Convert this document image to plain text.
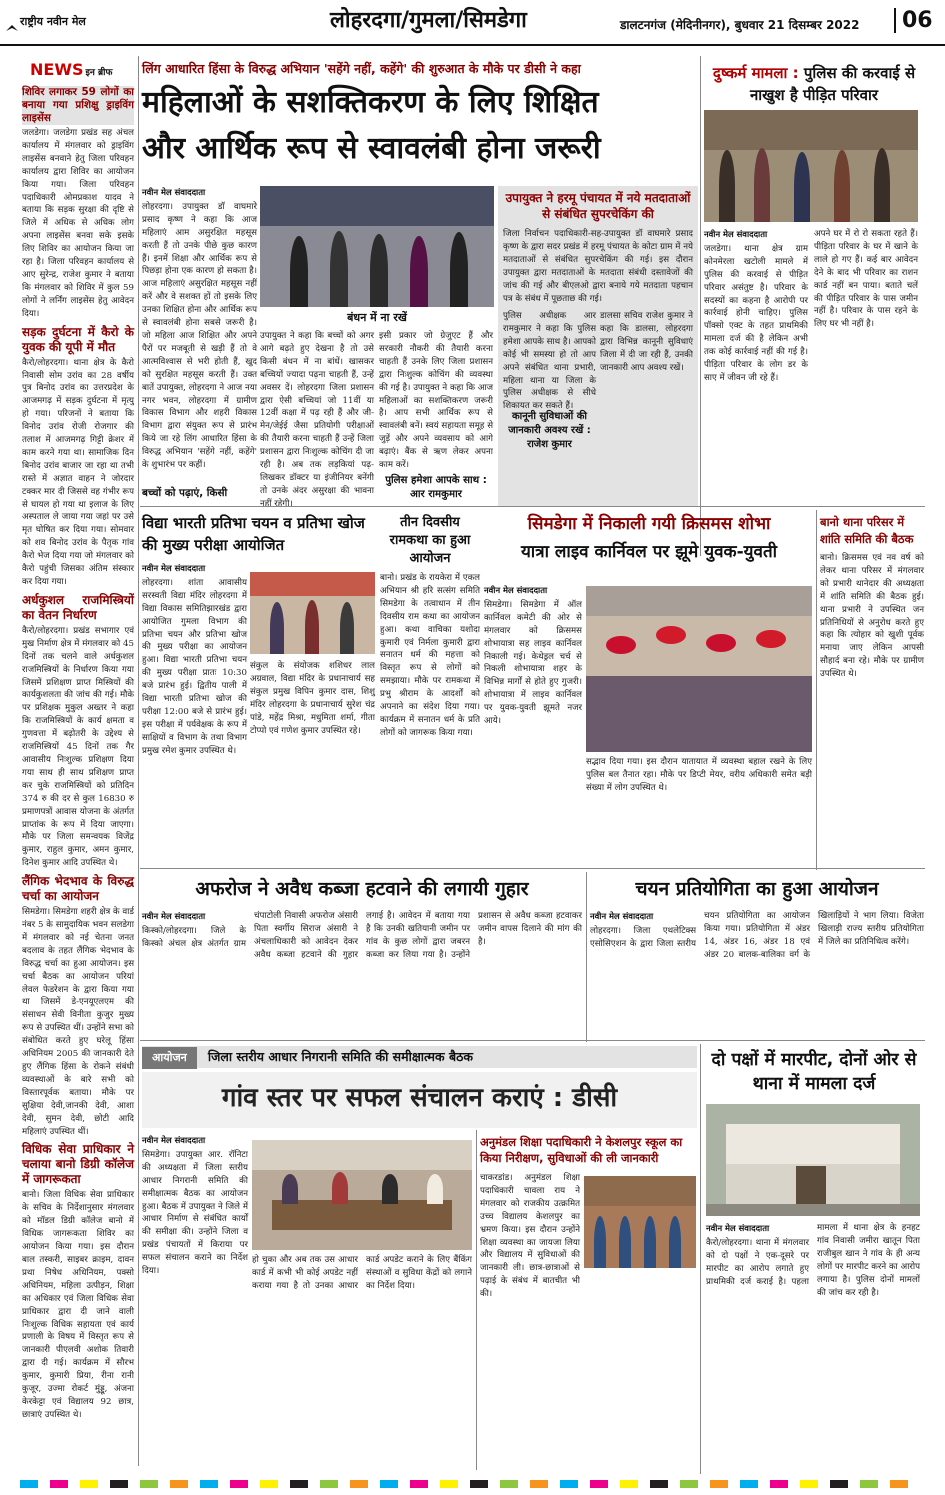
राष्ट्रीय नवीन मेल	लोहरदगा/गुमला/सिमडेगा	डालटनगंज (मेदिनीनगर), बुधवार 21 दिसम्बर 2022	06
NEWS इन ब्रीफ
शिविर लगाकर 59 लोगों का बनाया गया प्रशिक्षु ड्राइविंग लाइसेंस

जलडेगा। जलडेगा प्रखंड सह अंचल कार्यालय में मंगलवार को ड्राइविंग लाइसेंस बनवाने हेतु जिला परिवहन कार्यालय द्वारा शिविर का आयोजन किया गया। जिला परिवहन पदाधिकारी ओमप्रकाश यादव ने बताया कि सड़क सुरक्षा की दृष्टि से जिले में अधिक से अधिक लोग अपना लाइसेंस बनवा सके इसके लिए शिविर का आयोजन किया जा रहा है। जिला परिवहन कार्यालय से आए सुरेन्द्र, राजेश कुमार ने बताया कि मंगलवार को शिविर में कुल 59 लोगों ने लर्निंग लाइसेंस हेतु आवेदन दिया।

सड़क दुर्घटना में कैरो के युवक की यूपी में मौत

कैरो/लोहरदगा। थाना क्षेत्र के कैरो निवासी सोम उरांव का 28 वर्षीय पुत्र बिनोद उरांव का उत्तरप्रदेश के आजमगढ़ में सड़क दुर्घटना में मृत्यु हो गया। परिजनों ने बताया कि विनोद उरांव रोजी रोजगार की तलाश में आजमगढ़ गिट्टी क्रेशर में काम करने गया था। सामाजिक दिन बिनोद उरांव बाजार जा रहा था तभी रास्ते में अज्ञात वाहन ने जोरदार टक्कर मार दी जिससे वह गंभीर रूप से घायल हो गया था इलाज के लिए अस्पताल ले जाया गया जहां पर उसे मृत घोषित कर दिया गया। सोमवार को शव बिनोद उरांव के पैतृक गांव कैरो भेज दिया गया जो मंगलवार को कैरो पहुंची जिसका अंतिम संस्कार कर दिया गया।

अर्धकुशल राजमिस्त्रियों का वेतन निर्धारण

कैरो/लोहरदगा। प्रखंड सभागार एवं मुख निर्माण क्षेत्र में मंगलवार को 45 दिनों तक चलने वाले अर्धकुशल राजमिस्त्रियों के निर्धारण किया गया जिसमें प्रशिक्षण प्राप्त मिस्त्रियों की कार्यकुशलता की जांच की गई। मौके पर प्रशिक्षक मुकुल अख्तर ने कहा कि राजमिस्त्रियों के कार्य क्षमता व गुणवत्ता में बढ़ोतरी के उद्देश्य से राजमिस्त्रियों 45 दिनों तक गैर आवासीय निःशुल्क प्रशिक्षण दिया गया साथ ही साथ प्रशिक्षण प्राप्त कर चुके राजमिस्त्रियों को प्रतिदिन 374 रु की दर से कुल 16830 रु प्रमाणपत्रों आवास योजना के अंतर्गत प्राप्तांक के रूप में दिया जाएगा। मौके पर जिला समन्वयक विजेंद्र कुमार, राहुल कुमार, अमन कुमार, दिनेश कुमार आदि उपस्थित थे।

लैंगिक भेदभाव के विरुद्ध चर्चा का आयोजन

सिमडेगा। सिमडेगा शहरी क्षेत्र के वार्ड नंबर 5 के सामुदायिक भवन सलडेगा में मंगलवार को नई चेतना जनत बदलाव के तहत लैंगिक भेदभाव के विरुद्ध चर्चा का हुआ आयोजन। इस चर्चा बैठक का आयोजन परियां लेवल फेडरेशन के द्वारा किया गया था जिसमें डे-एनयूएलएम की संसाधन सेवी विनीता कुजुर मुख्य रूप से उपस्थित थीं। उन्होंने सभा को संबोधित करते हुए घरेलू हिंसा अधिनियम 2005 की जानकारी देते हुए लैंगिक हिंसा के रोकने संबंधी व्यवस्थाओं के बारे सभी को विस्तारपूर्वक बताया। मौके पर सुक्षिया देवी,जानकी देवी, आशा देवी, सुमन देवी, छोटी आदि महिलाएं उपस्थित थीं।

विधिक सेवा प्राधिकार ने चलाया बानो डिग्री कॉलेज में जागरूकता

बानो। जिला विधिक सेवा प्राधिकार के सचिव के निर्देशानुसार मंगलवार को मॉडल डिग्री कॉलेज बानो में विधिक जागरूकता शिविर का आयोजन किया गया। इस दौरान बाल तस्करी, साइबर क्राइम, दावन प्रथा निषेध अधिनियम, पक्सो अधिनियम, महिला उत्पीड़न, शिक्षा का अधिकार एवं जिला विधिक सेवा प्राधिकार द्वारा दी जाने वाली निःशुल्क विधिक सहायता एवं कार्य प्रणाली के विषय में विस्तृत रूप से जानकारी पीएलवी अशोक तिवारी द्वारा दी गई। कार्यक्रम में सौरभ कुमार, कुमारी प्रिया, रीना रानी कुजूर, उज्मा रोकर्ट मुंड्डू, अंजना केरकेट्टा एवं विद्यालय 92 छात्र, छात्राएं उपस्थित थे।

लिंग आधारित हिंसा के विरुद्ध अभियान 'सहेंगे नहीं, कहेंगे' की शुरुआत के मौके पर डीसी ने कहा
महिलाओं के सशक्तिकरण के लिए शिक्षित
और आर्थिक रूप से स्वावलंबी होना जरूरी
नवीन मेल संवाददाता

लोहरदगा। उपायुक्त डॉ वाघमारे प्रसाद कृष्ण ने कहा कि आज महिलाएं आम असुरक्षित महसूस करती हैं तो उनके पीछे कुछ कारण हैं। इनमें शिक्षा और आर्थिक रूप से पिछड़ा होना एक कारण हो सकता है। आज महिलाएं असुरक्षित महसूस नहीं करें और वे सशक्त हों तो इसके लिए उनका शिक्षित होना और आर्थिक रूप से स्वावलंबी होना सबसे जरूरी है। जो महिला आज शिक्षित और अपने पैरों पर मजबूती से खड़ी हैं तो वे आत्मविश्वास से भरी होती हैं, खुद को सुरक्षित महसूस करती हैं। उक्त बातें उपायुक्त, लोहरदगा ने आज नया नगर भवन, लोहरदगा में ग्रामीण विकास विभाग और शहरी विकास विभाग द्वारा संयुक्त रूप से प्रारंभ किये जा रहे लिंग आधारित हिंसा के विरुद्ध अभियान 'सहेंगे नहीं, कहेंगे' के शुभारंभ पर कहीं।

बच्चों को पढ़ाएं, किसी
बंधन में ना रखें

उपायुक्त ने कहा कि बच्चों को अगर आगे बढ़ते हुए देखना है तो उसे किसी बंधन में ना बांधें। खासकर बच्चियों ज्यादा पढ़ना चाहती हैं, उन्हें अवसर दें। लोहरदगा जिला प्रशासन द्वारा ऐसी बच्चियां जो 11वीं या 12वीं कक्षा में पढ़ रही हैं और जी-मेन/जेईई जैसा प्रतियोगी परीक्षाओं की तैयारी करना चाहती हैं उन्हें जिला प्रशासन द्वारा निःशुल्क कोचिंग दी जा रही है। अब तक लड़कियां पढ़-लिखकर डॉक्टर या इंजीनियर बनेंगी तो उनके अंदर असुरक्षा की भावना नहीं रहेगी।

इसी प्रकार जो ग्रेजुएट हैं और सरकारी नौकरी की तैयारी करना चाहती हैं उनके लिए जिला प्रशासन द्वारा निःशुल्क कोचिंग की व्यवस्था की गई है। उपायुक्त ने कहा कि आज महिलाओं का सशक्तिकरण जरूरी है। आप सभी आर्थिक रूप से स्वावलंबी बनें। स्वयं सहायता समूह से जुड़ें और अपने व्यवसाय को आगे बढ़ाएं। बैंक से ऋण लेकर अपना काम करें।

पुलिस हमेशा आपके साथ : आर रामकुमार
उपायुक्त ने हरमू पंचायत में नये मतदाताओं से संबंधित सुपरचेकिंग की

जिला निर्वाचन पदाधिकारी-सह-उपायुक्त डॉ वाघमारे प्रसाद कृष्ण के द्वारा सदर प्रखंड में हरमू पंचायत के कोटा ग्राम में नये मतदाताओं से संबंधित सुपरचेकिंग की गई। इस दौरान उपायुक्त द्वारा मतदाताओं के मतदाता संबंधी दस्तावेजों की जांच की गई और बीएलओ द्वारा बनाये गये मतदाता पहचान पत्र के संबंध में पूछताछ की गई।

पुलिस अधीक्षक आर रामकुमार ने कहा कि पुलिस हमेशा आपके साथ है। आपको कोई भी समस्या हो तो आप अपने संबंधित थाना प्रभारी, महिला थाना या जिला के पुलिस अधीक्षक से सीधे शिकायत कर सकते हैं।

डालसा सचिव राजेश कुमार ने कहा कि डालसा, लोहरदगा द्वारा विभिन्न कानूनी सुविधाएं जिला में दी जा रही हैं, उनकी जानकारी आप अवश्य रखें।

कानूनी सुविधाओं की जानकारी अवश्य रखें : राजेश कुमार
दुष्कर्म मामला : पुलिस की करवाई से नाखुश है पीड़ित परिवार
नवीन मेल संवाददाता

जलडेगा। थाना क्षेत्र ग्राम कोनमेरला खटोली मामले में पुलिस की करवाई से पीड़ित परिवार असंतुष्ट है। परिवार के सदस्यों का कहना है आरोपी पर कार्रवाई होनी चाहिए। पुलिस पॉक्सो एक्ट के तहत प्राथमिकी मामला दर्ज की है लेकिन अभी तक कोई कार्रवाई नहीं की गई है। पीड़िता परिवार के लोग डर के साए में जीवन जी रहे हैं।

अपने घर में रो रो सकता रहते हैं। पीड़िता परिवार के घर में खाने के लाले हो गए हैं। कई बार आवेदन देने के बाद भी परिवार का राशन कार्ड नहीं बन पाया। बताते चलें की पीड़ित परिवार के पास जमीन नहीं है। परिवार के पास रहने के लिए घर भी नहीं है।

विद्या भारती प्रतिभा चयन व प्रतिभा खोज की मुख्य परीक्षा आयोजित
नवीन मेल संवाददाता

लोहरदगा। शांता आवासीय सरस्वती विद्या मंदिर लोहरदगा में विद्या विकास समितिझारखंड द्वारा आयोजित गुमला विभाग की प्रतिभा चयन और प्रतिभा खोज की मुख्य परीक्षा का आयोजन हुआ। विद्या भारती प्रतिभा चयन की मुख्य परीक्षा प्रातः 10:30 बजे प्रारंभ हुई। द्वितीय पाली में विद्या भारती प्रतिभा खोज की परीक्षा 12:00 बजे से प्रारंभ हुई। इस परीक्षा में पर्यवेक्षक के रूप में साक्षियों व विभाग के तथा विभाग प्रमुख रमेश कुमार उपस्थित थे।

संकुल के संयोजक शशिधर लाल अग्रवाल, विद्या मंदिर के प्रधानाचार्य सह संकुल प्रमुख विपिन कुमार दास, शिशु मंदिर लोहरदगा के प्रधानाचार्य सुरेश चंद्र पांडे, महेंद्र मिश्रा, मधुमिता शर्मा, गीता टोप्पो एवं गणेश कुमार उपस्थित रहे।

तीन दिवसीय रामकथा का हुआ आयोजन

बानो। प्रखंड के रायकेरा में एकल अभियान श्री हरि सत्संग समिति सिमडेगा के तत्वाधान में तीन दिवसीय राम कथा का आयोजन हुआ। कथा वाचिका यशोदा कुमारी एवं निर्मला कुमारी द्वारा सनातन धर्म की महत्ता को विस्तृत रूप से लोगों को समझाया। मौके पर रामकथा में प्रभु श्रीराम के आदर्शों को अपनाने का संदेश दिया गया। कार्यक्रम में सनातन धर्म के प्रति लोगों को जागरूक किया गया।

सिमडेगा में निकाली गयी क्रिसमस शोभा
यात्रा लाइव कार्निवल पर झूमे युवक-युवती
नवीन मेल संवाददाता

सिमडेगा। सिमडेगा में ऑल कार्निवल कमेटी की ओर से मंगलवार को क्रिसमस शोभायात्रा सह लाइव कार्निवल निकाली गई। केथेड्रल चर्च से निकली शोभायात्रा शहर के विभिन्न मार्गों से होते हुए गुजरी। शोभायात्रा में लाइव कार्निवल पर युवक-युवती झूमते नजर आये।

सद्भाव दिया गया। इस दौरान यातायात में व्यवस्था बहाल रखने के लिए पुलिस बल तैनात रहा। मौके पर डिप्टी मेयर, वरीय अधिकारी समेत बड़ी संख्या में लोग उपस्थित थे।

बानो थाना परिसर में शांति समिति की बैठक

बानो। क्रिसमस एवं नव वर्ष को लेकर थाना परिसर में मंगलवार को प्रभारी थानेदार की अध्यक्षता में शांति समिति की बैठक हुई। थाना प्रभारी ने उपस्थित जन प्रतिनिधियों से अनुरोध करते हुए कहा कि त्योहार को खुशी पूर्वक मनाया जाए लेकिन आपसी सौहार्द बना रहे। मौके पर ग्रामीण उपस्थित थे।

अफरोज ने अवैध कब्जा हटवाने की लगायी गुहार
नवीन मेल संवाददाता

किस्को/लोहरदगा। जिले के किस्को अंचल क्षेत्र अंतर्गत ग्राम चंपाटोली निवासी अफरोज अंसारी पिता स्वर्गीय सिराज अंसारी ने अंचलाधिकारी को आवेदन देकर अवैध कब्जा हटवाने की गुहार लगाई है। आवेदन में बताया गया है कि उनकी खतियानी जमीन पर गांव के कुछ लोगों द्वारा जबरन कब्जा कर लिया गया है। उन्होंने प्रशासन से अवैध कब्जा हटवाकर जमीन वापस दिलाने की मांग की है।

चयन प्रतियोगिता का हुआ आयोजन
नवीन मेल संवाददाता

लोहरदगा। जिला एथलेटिक्स एसोसिएशन के द्वारा जिला स्तरीय चयन प्रतियोगिता का आयोजन किया गया। प्रतियोगिता में अंडर 14, अंडर 16, अंडर 18 एवं अंडर 20 बालक-बालिका वर्ग के खिलाड़ियों ने भाग लिया। विजेता खिलाड़ी राज्य स्तरीय प्रतियोगिता में जिले का प्रतिनिधित्व करेंगे।

आयोजन जिला स्तरीय आधार निगरानी समिति की समीक्षात्मक बैठक
गांव स्तर पर सफल संचालन कराएं : डीसी
नवीन मेल संवाददाता

सिमडेगा। उपायुक्त आर. रॉनिटा की अध्यक्षता में जिला स्तरीय आधार निगरानी समिति की समीक्षात्मक बैठक का आयोजन हुआ। बैठक में उपायुक्त ने जिले में आधार निर्माण से संबंधित कार्यों की समीक्षा की। उन्होंने जिला व प्रखंड पंचायतों में किराया पर सफल संचालन कराने का निर्देश दिया।

हो चुका और अब तक उस आधार कार्ड में कभी भी कोई अपडेट नहीं कराया गया है तो उनका आधार कार्ड अपडेट कराने के लिए बैंकिंग संस्थाओं व सुविधा केंद्रों को लगाने का निर्देश दिया।

अनुमंडल शिक्षा पदाधिकारी ने केशलपुर स्कूल का किया निरीक्षण, सुविधाओं की ली जानकारी

चाकरडांड। अनुमंडल शिक्षा पदाधिकारी चावला राय ने मंगलवार को राजकीय उत्क्रमित उच्च विद्यालय केशलपुर का भ्रमण किया। इस दौरान उन्होंने शिक्षा व्यवस्था का जायजा लिया और विद्यालय में सुविधाओं की जानकारी ली। छात्र-छात्राओं से पढ़ाई के संबंध में बातचीत भी की।

दो पक्षों में मारपीट, दोनों ओर से थाना में मामला दर्ज
नवीन मेल संवाददाता

कैरो/लोहरदगा। थाना में मंगलवार को दो पक्षों ने एक-दूसरे पर मारपीट का आरोप लगाते हुए प्राथमिकी दर्ज कराई है। पहला मामला में थाना क्षेत्र के हनहट गांव निवासी जमीरा खातून पिता राजीबुल खान ने गांव के ही अन्य लोगों पर मारपीट करने का आरोप लगाया है। पुलिस दोनों मामलों की जांच कर रही है।
